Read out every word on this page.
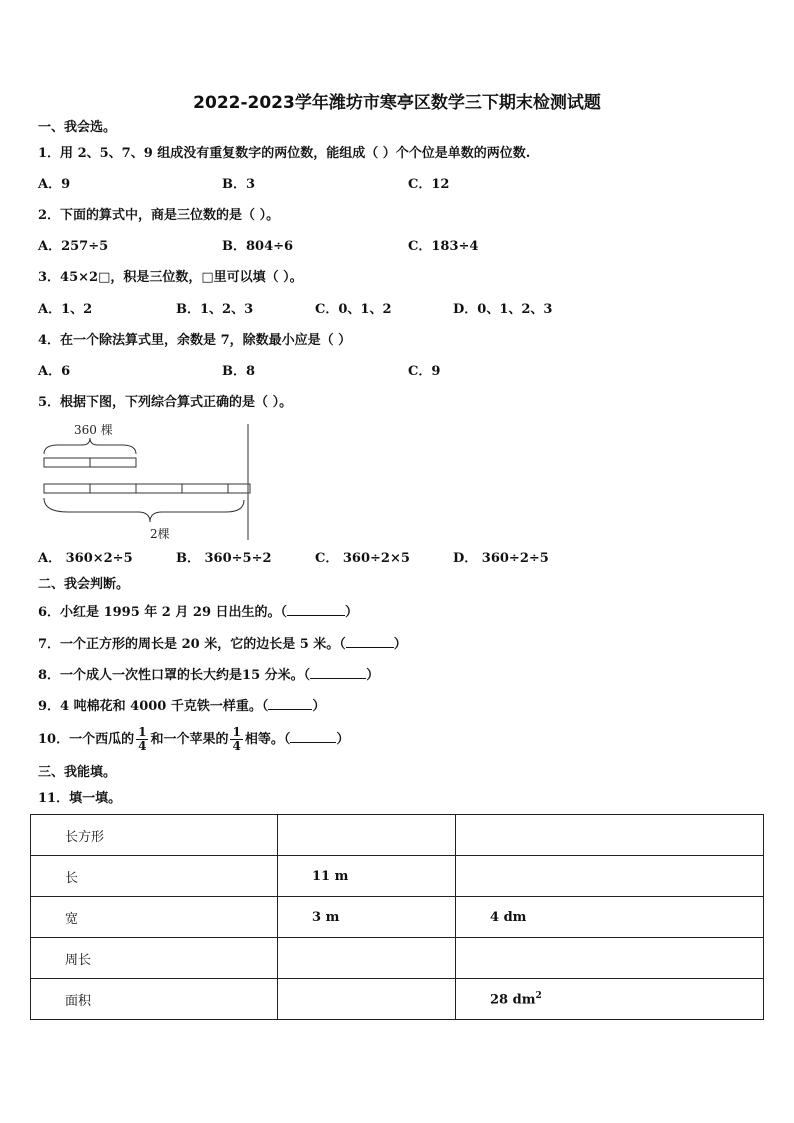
2022-2023学年潍坊市寒亭区数学三下期末检测试题
一、我会选。
1．用 2、5、7、9 组成没有重复数字的两位数，能组成（ ）个个位是单数的两位数.
A．9	B．3	C．12
2．下面的算式中，商是三位数的是（ ）。
A．257÷5	B．804÷6	C．183÷4
3．45×2□，积是三位数，□里可以填（ ）。
A．1、2	B．1、2、3	C．0、1、2	D．0、1、2、3
4．在一个除法算式里，余数是 7，除数最小应是（ ）
A．6	B．8	C．9
5．根据下图，下列综合算式正确的是（ ）。
360 棵
2棵
A． 360×2÷5	B． 360÷5÷2	C． 360÷2×5	D． 360÷2÷5
二、我会判断。
6．小红是 1995 年 2 月 29 日出生的。（	）
7．一个正方形的周长是 20 米，它的边长是 5 米。（	）
8．一个成人一次性口罩的长大约是15 分米。（	）
9．4 吨棉花和 4000 千克铁一样重。（	）
10．一个西瓜的 $\frac{1}{4}$ 和一个苹果的 $\frac{1}{4}$ 相等。（	）
三、我能填。
11．填一填。
长方形		
长	11 m	
宽	3 m	4 dm
周长		
面积		28 $dm^2$
